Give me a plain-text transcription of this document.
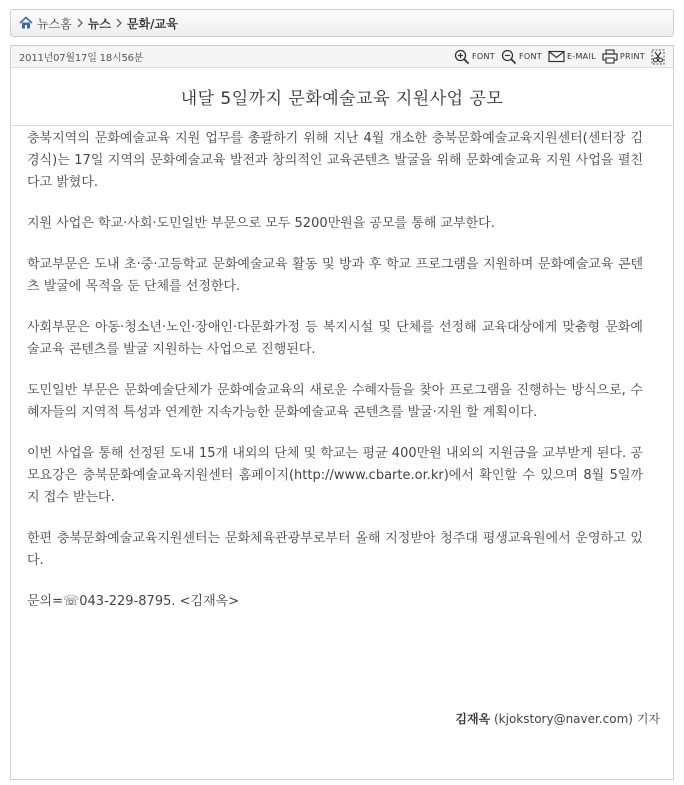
뉴스홈 뉴스 문화/교육
2011년07월17일 18시56분	FONT	FONT	E-MAIL	PRINT
내달 5일까지 문화예술교육 지원사업 공모

충북지역의 문화예술교육 지원 업무를 총괄하기 위해 지난 4월 개소한 충북문화예술교육지원센터(센터장 김경식)는 17일 지역의 문화예술교육 발전과 창의적인 교육콘텐츠 발굴을 위해 문화예술교육 지원 사업을 펼친다고 밝혔다.

지원 사업은 학교·사회·도민일반 부문으로 모두 5200만원을 공모를 통해 교부한다.

학교부문은 도내 초·중·고등학교 문화예술교육 활동 및 방과 후 학교 프로그램을 지원하며 문화예술교육 콘텐츠 발굴에 목적을 둔 단체를 선정한다.

사회부문은 아동·청소년·노인·장애인·다문화가정 등 복지시설 및 단체를 선정해 교육대상에게 맞춤형 문화예술교육 콘텐츠를 발굴 지원하는 사업으로 진행된다.

도민일반 부문은 문화예술단체가 문화예술교육의 새로운 수혜자들을 찾아 프로그램을 진행하는 방식으로, 수혜자들의 지역적 특성과 연계한 지속가능한 문화예술교육 콘텐츠를 발굴·지원 할 계획이다.

이번 사업을 통해 선정된 도내 15개 내외의 단체 및 학교는 평균 400만원 내외의 지원금을 교부받게 된다. 공모요강은 충북문화예술교육지원센터 홈페이지(http://www.cbarte.or.kr)에서 확인할 수 있으며 8월 5일까지 접수 받는다.

한편 충북문화예술교육지원센터는 문화체육관광부로부터 올해 지정받아 청주대 평생교육원에서 운영하고 있다.

문의=☏043-229-8795. <김재옥>

김재옥 (kjokstory@naver.com) 기자
